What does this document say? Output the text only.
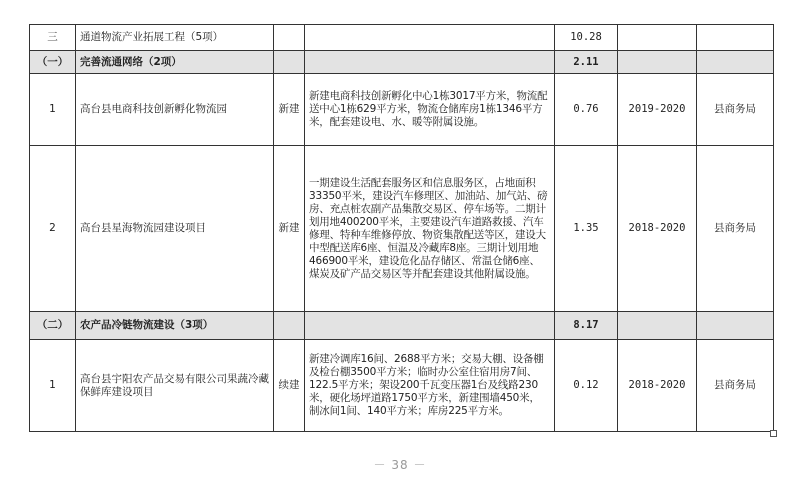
三	通道物流产业拓展工程（5项）			10.28		
（一）	完善流通网络（2项）			2.11		
1	高台县电商科技创新孵化物流园	新建	新建电商科技创新孵化中心1栋3017平方米，物流配送中心1栋629平方米，物流仓储库房1栋1346平方米，配套建设电、水、暖等附属设施。	0.76	2019-2020	县商务局
2	高台县星海物流园建设项目	新建	一期建设生活配套服务区和信息服务区，占地面积33350平米，建设汽车修理区、加油站、加气站、磅房、充点桩农副产品集散交易区、停车场等。二期计划用地400200平米，主要建设汽车道路救援、汽车修理、特种车维修停放、物资集散配送等区，建设大中型配送库6座、恒温及冷藏库8座。三期计划用地466900平米，建设危化品存储区、常温仓储6座、煤炭及矿产品交易区等并配套建设其他附属设施。	1.35	2018-2020	县商务局
（二）	农产品冷链物流建设（3项）			8.17		
1	高台县宇阳农产品交易有限公司果蔬冷藏保鲜库建设项目	续建	新建冷调库16间、2688平方米；交易大棚、设备棚及检台棚3500平方米；临时办公室住宿用房7间、122.5平方米；架设200千瓦变压器1台及线路230米，硬化场坪道路1750平方米，新建围墙450米，制冰间1间、140平方米；库房225平方米。	0.12	2018-2020	县商务局
－ 38 －
